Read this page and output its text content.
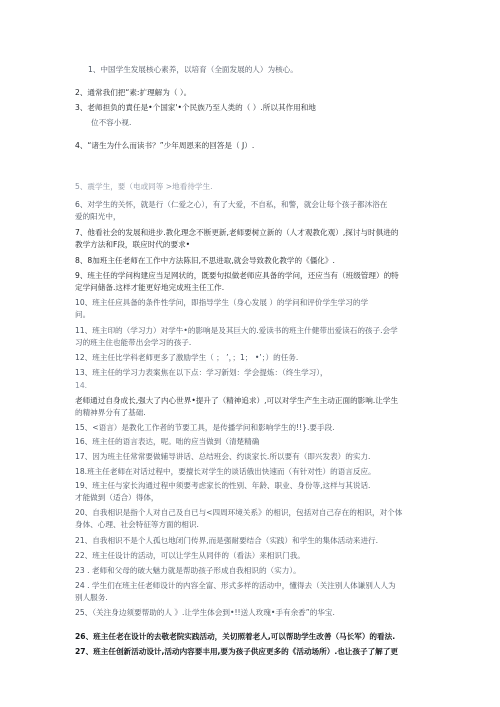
1、中国学生发展核心素养，以培育（全面发展的人）为核心。
2、通常我们把“素:扩理解为（ ）。
3、老师担负的責任是•个国家'•个民族乃至人类的（ ）.所以其作用和地
位不容小视.
4、“诸生为什么而读书？”少年周恩来的回答是（ J）.
5、震学生，要（电或同等 >地看待学生.
6、对学生的关怀，就是行（仁爱之心），有了大爱，不自私，和警，就会让每个孩子都沐浴在
爱的阳光中，
7、他看社会的发展和进步.教化理念不断更新,老师要树立新的（人才观教化观）,探讨与时俱进的
教学方法和F段，联应时代的要求•
8、8加班主任老师在工作中方法陈旧,不思进取,就会导致教化教学的《僵化》.
9、班主任的学问构建应当足网状的，既要句拟做老师应具备的学问，还应当有（班级管理）的特
定学问储备.这样才能更好地完成班主任工作.
10、班主任应具备的条件性学问，即指导学生（身心发展 ）的学问和评价学生学习的学
问。
11、班主印的（学习力）对学牛•的影响是及其巨大的.爱读书的班主什健带出爱读石的孩子.会学
习的班主住也能带出会学习的孩子.
12、班主任比学科老师更多了激励学生（ ； ’，；1； •’；）的任务.
13、班主任的学习力表案焦在以下点：学习新划：学会提炼：（终生学习），
14.
老师通过自身成长,强大了内心世界•提升了（精神追求）,可以对学生产生主动正面的影响.让学生
的精神界分有了基础.
15、<语言）是教化工作者的节要工具，是传播学问和影响学生的!!}.要手段.
16、班主任的语言表达，呢。咄的应当做到（清楚精确
17、因为班主任常常要做辅导讲话、总结班会、约谈家长.所以要有（即兴发表）的实力.
18.班主任老师在对话过程中，要擅长对学生的谈话俄出快速而（有针对性）的语言反应。
19、班主任与家长沟通过程中须要考虑家长的性别、年龄、职业、身份等,这样与其说话.
才能做到（适合）得体，
20、自我相识是指个人对自己及自已与<四周环境关系》的相识，包括对自己存在的相识，对个体
身体、心理、社会特征等方面的相识.
21、自我相识不是个人孤乜地闭门传界,而是强耐要结合（实践）和学生的集体活动来进行.
22、班主任设计的活动，可以让学生从同伴的（看法）来相识门我。
23 . 老师和父母的破大魅力就是帮助孩子形成自我相识的（实力）。
24 . 学生们在班主任老师设计的内容全富、形式多样的活动中，懂得去（关注别人体谦别人人为
别人服务.
25、（关注身边须要帮助的人 》.让学生体会到•!!送人玫瑰•手有余香”的华宝.
26、班主任老在设计的去敬老院实践活动，关切照着老人,可以帮助学生改善（马长军）的看法.
27、班主任创新活动设计,活动内容要丰用,要为孩子供应更多的《活动场所）.也让孩子了解了更
